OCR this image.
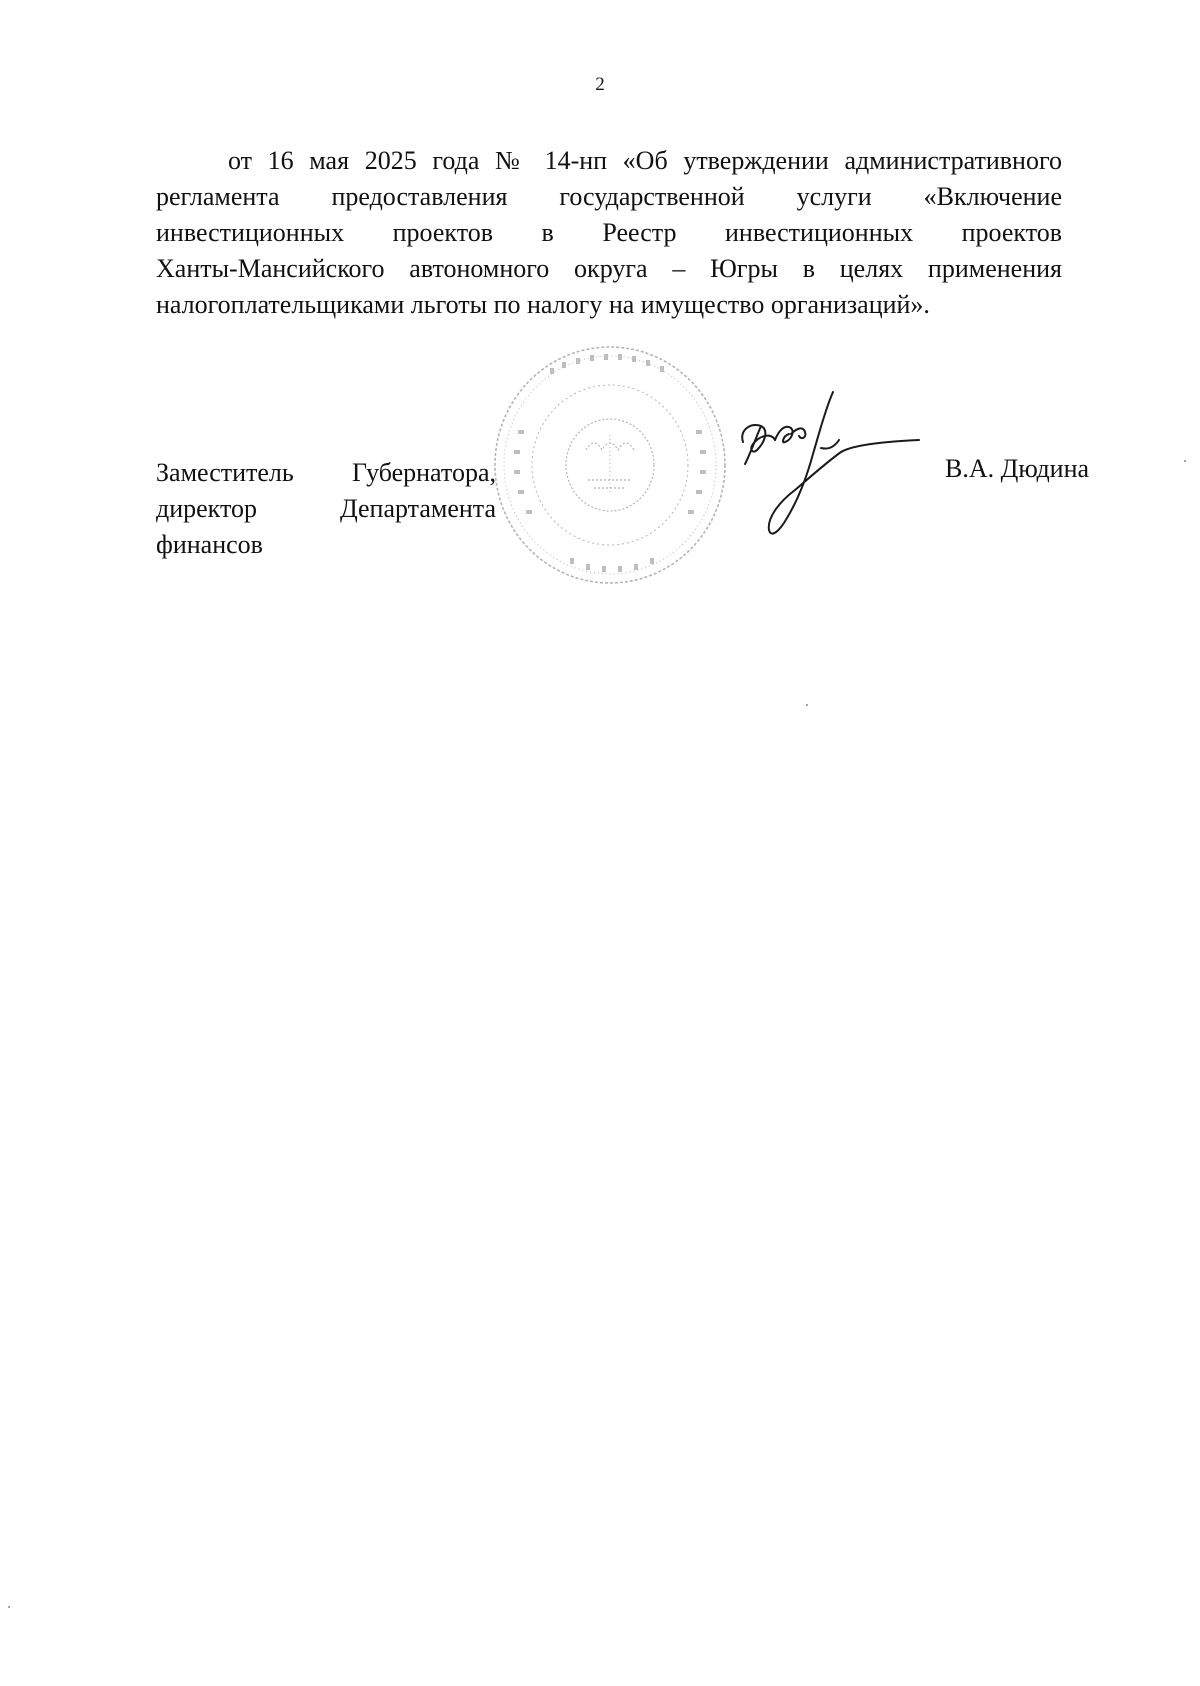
2
от 16 мая 2025 года № 14-нп «Об утверждении административного
регламента предоставления государственной услуги «Включение
инвестиционных проектов в Реестр инвестиционных проектов
Ханты-Мансийского автономного округа – Югры в целях применения
налогоплательщиками льготы по налогу на имущество организаций».
Заместитель Губернатора,
директор Департамента
финансов
В.А. Дюдина
